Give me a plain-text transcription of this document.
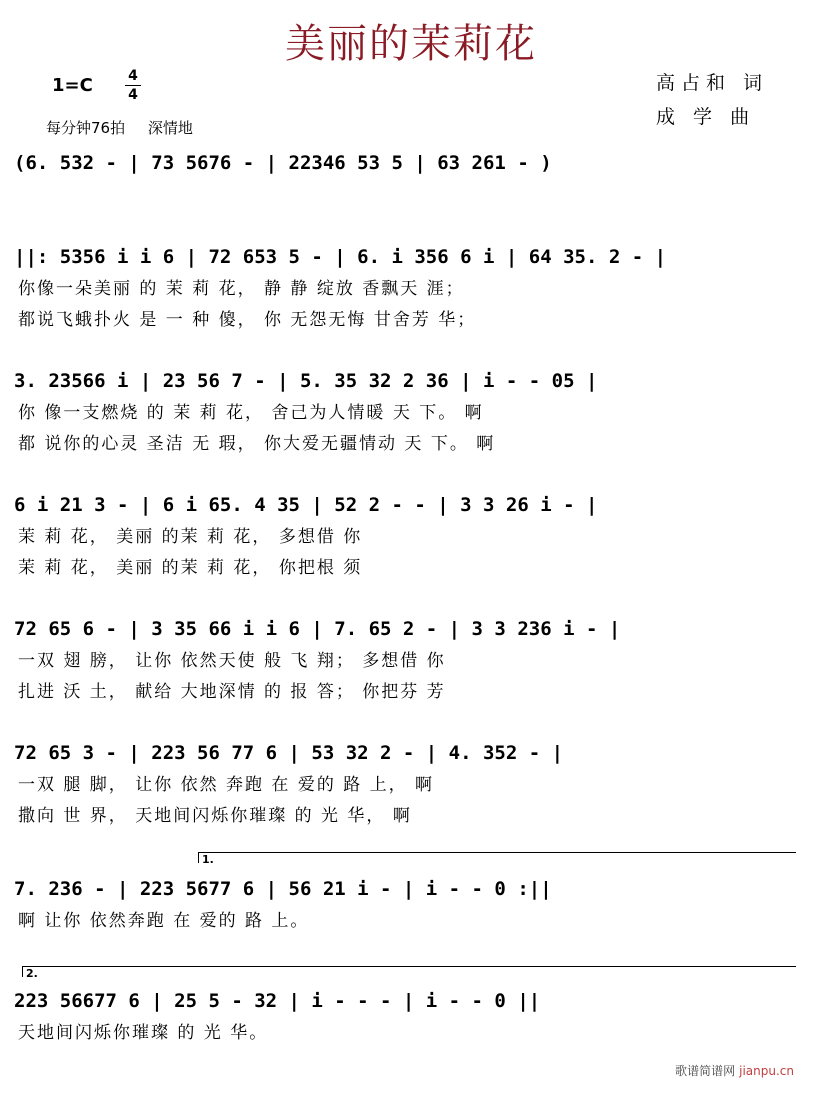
美丽的茉莉花
1=C	4
4
每分钟76拍 深情地
高占和 词
成 学 曲
(6. 532 - | 73 5676 - | 22346 53 5 | 63 261 - )
||: 5356 i i 6 | 72 653 5 - | 6. i 356 6 i | 64 35. 2 - |
你像一朵美丽 的 茉 莉 花， 静 静 绽放 香飘天 涯；
都说飞蛾扑火 是 一 种 傻， 你 无怨无悔 甘舍芳 华；
3. 23566 i | 23 56 7 - | 5. 35 32 2 36 | i - - 05 |
你 像一支燃烧 的 茉 莉 花， 舍己为人情暖 天 下。 啊
都 说你的心灵 圣洁 无 瑕， 你大爱无疆情动 天 下。 啊
6 i 21 3 - | 6 i 65. 4 35 | 52 2 - - | 3 3 26 i - |
茉 莉 花， 美丽 的茉 莉 花， 多想借 你
茉 莉 花， 美丽 的茉 莉 花， 你把根 须
72 65 6 - | 3 35 66 i i 6 | 7. 65 2 - | 3 3 236 i - |
一双 翅 膀， 让你 依然天使 般 飞 翔； 多想借 你
扎进 沃 土， 献给 大地深情 的 报 答； 你把芬 芳
72 65 3 - | 223 56 77 6 | 53 32 2 - | 4. 352 - |
一双 腿 脚， 让你 依然 奔跑 在 爱的 路 上， 啊
撒向 世 界， 天地间闪烁你璀璨 的 光 华， 啊
1.
7. 236 - | 223 5677 6 | 56 21 i - | i - - 0 :||
啊 让你 依然奔跑 在 爱的 路 上。
2.
223 56677 6 | 25 5 - 32 | i - - - | i - - 0 ||
天地间闪烁你璀璨 的 光 华。
歌谱简谱网 jianpu.cn
